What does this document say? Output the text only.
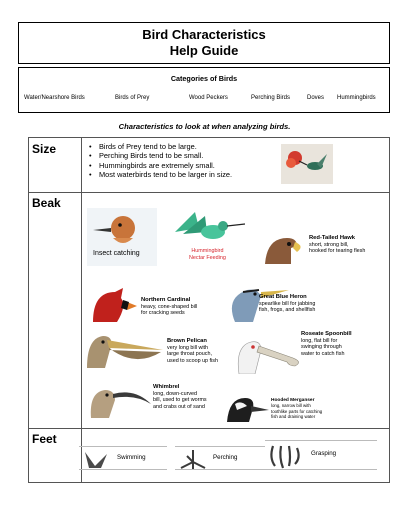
Bird Characteristics
Help Guide
Categories of Birds
Water/Nearshore Birds	Birds of Prey	Wood Peckers	Perching Birds	Doves Hummingbirds
Characteristics to look at when analyzing birds.
Size
•	Birds of Prey tend to be large.
• Perching Birds tend to be small.
• Hummingbirds are extremely small.
• Most waterbirds tend to be larger in size.
Beak
Insect catching	Hummingbird
Nectar Feeding
Red-Tailed Hawk
short, strong bill,
hooked for tearing flesh
Northern Cardinal
heavy, cone-shaped bill
for cracking seeds
Great Blue Heron
spearlike bill for jabbing
fish, frogs, and shellfish
Brown Pelican
very long bill with
large throat pouch,
used to scoop up fish
Roseate Spoonbill
long, flat bill for
swinging through
water to catch fish
Whimbrel
long, down-curved
bill, used to get worms
and crabs out of sand
Hooded Merganser
long, narrow bill with
toothlike parts for catching
fish and draining water
Feet
Swimming	Perching
Grasping
